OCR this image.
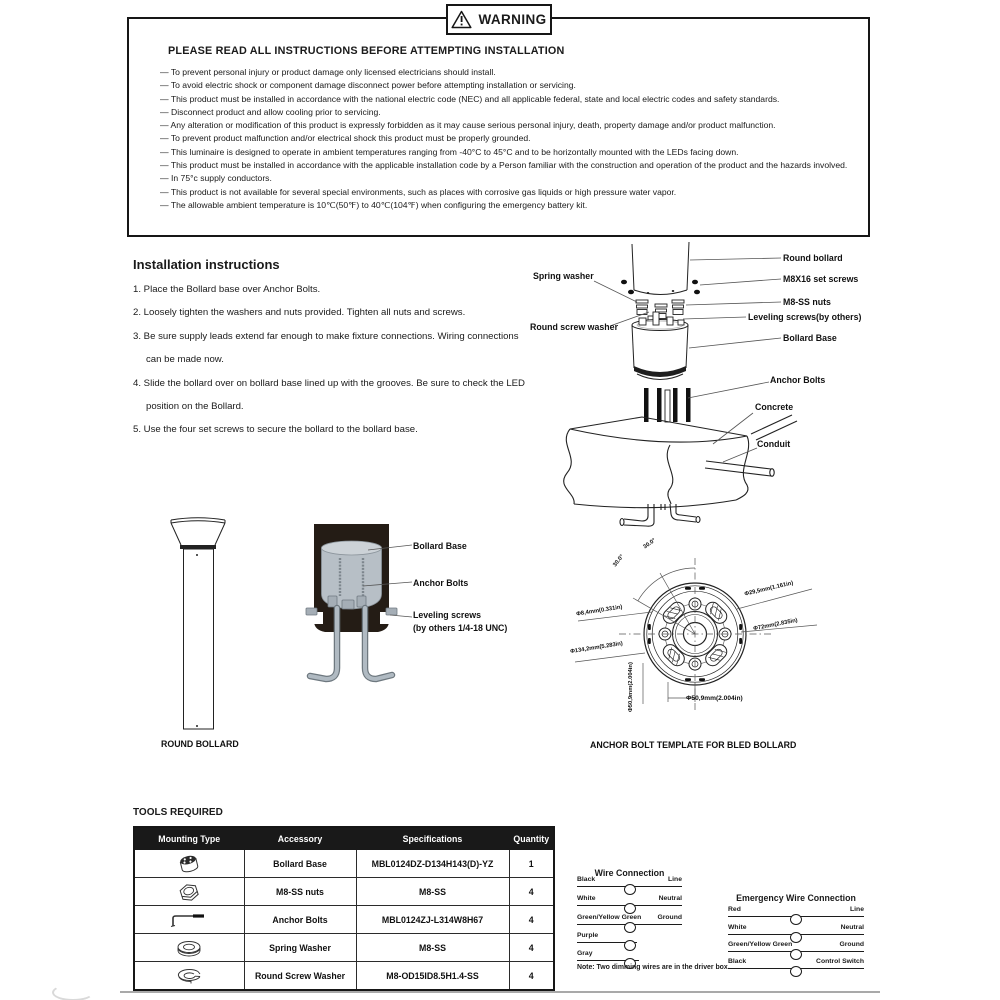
WARNING
PLEASE READ ALL INSTRUCTIONS BEFORE ATTEMPTING INSTALLATION
— To prevent personal injury or product damage only licensed electricians should install.
— To avoid electric shock or component damage disconnect power before attempting installation or servicing.
— This product must be installed in accordance with the national electric code (NEC) and all applicable federal, state and local electric codes and safety standards.
— Disconnect product and allow cooling prior to servicing.
— Any alteration or modification of this product is expressly forbidden as it may cause serious personal injury, death, property damage and/or product malfunction.
— To prevent product malfunction and/or electrical shock this product must be properly grounded.
— This luminaire is designed to operate in ambient temperatures ranging from -40°C to 45°C and to be horizontally mounted with the LEDs facing down.
— This product must be installed in accordance with the applicable installation code by a Person familiar with the construction and operation of the product and the hazards involved.
— In 75°c supply conductors.
— This product is not available for several special environments, such as places with corrosive gas liquids or high pressure water vapor.
— The allowable ambient temperature is 10℃(50℉) to 40℃(104℉) when configuring the emergency battery kit.
Installation instructions
1. Place the Bollard base over Anchor Bolts.
2. Loosely tighten the washers and nuts provided. Tighten all nuts and screws.
3. Be sure supply leads extend far enough to make fixture connections. Wiring connections can be made now.
4. Slide the bollard over on bollard base lined up with the grooves. Be sure to check the LED position on the Bollard.
5. Use the four set screws to secure the bollard to the bollard base.
Spring washer
Round screw washer
Round bollard
M8X16 set screws
M8-SS nuts
Leveling screws(by others)
Bollard Base
Anchor Bolts
Concrete
Conduit
ROUND BOLLARD
Bollard Base
Anchor Bolts
Leveling screws
(by others 1/4-18 UNC)
30.0°
30.0°
Φ8,4mm(0.331in)
Φ134,2mm(5.283in)
Φ29,5mm(1.161in)
Φ72mm(2.835in)
Φ50,9mm(2.004in)	Φ50,9mm(2.004in)
ANCHOR BOLT TEMPLATE FOR BLED BOLLARD
TOOLS REQUIRED
Mounting Type	Accessory	Specifications	Quantity

	Bollard Base	MBL0124DZ-D134H143(D)-YZ	1

	M8-SS nuts	M8-SS	4

	Anchor Bolts	MBL0124ZJ-L314W8H67	4

	Spring Washer	M8-SS	4

	Round Screw Washer	M8-OD15ID8.5H1.4-SS	4
Wire Connection
Black	Line
White	Neutral
Green/Yellow Green Ground
Purple
Gray
Note: Two dimming wires are in the driver box.
Emergency Wire Connection
Red	Line
White	Neutral
Green/Yellow Green	Ground
Black	Control Switch
